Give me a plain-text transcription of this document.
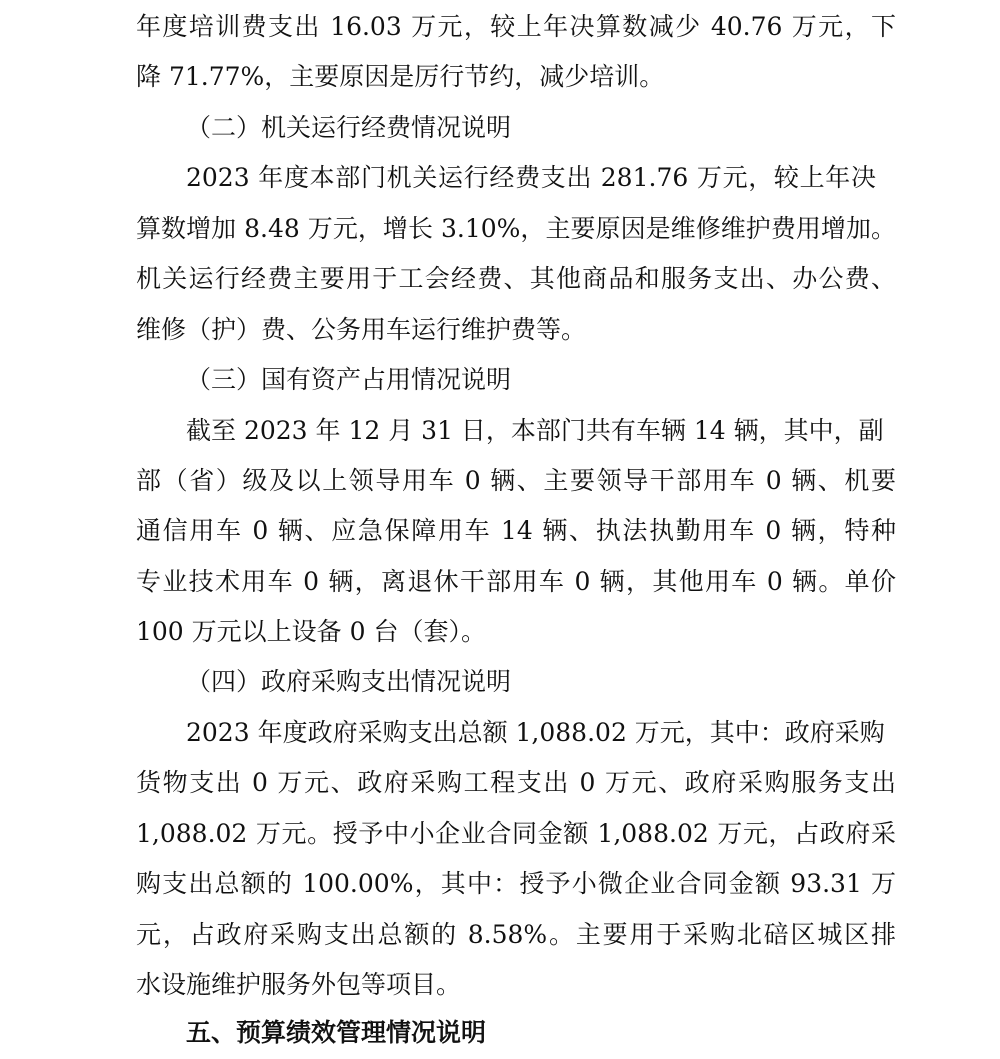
年度培训费支出 16.03 万元，较上年决算数减少 40.76 万元，下
降 71.77%，主要原因是厉行节约，减少培训。
（二）机关运行经费情况说明
2023 年度本部门机关运行经费支出 281.76 万元，较上年决
算数增加 8.48 万元，增长 3.10%，主要原因是维修维护费用增加。
机关运行经费主要用于工会经费、其他商品和服务支出、办公费、
维修（护）费、公务用车运行维护费等。
（三）国有资产占用情况说明
截至 2023 年 12 月 31 日，本部门共有车辆 14 辆，其中，副
部（省）级及以上领导用车 0 辆、主要领导干部用车 0 辆、机要
通信用车 0 辆、应急保障用车 14 辆、执法执勤用车 0 辆，特种
专业技术用车 0 辆，离退休干部用车 0 辆，其他用车 0 辆。单价
100 万元以上设备 0 台（套）。
（四）政府采购支出情况说明
2023 年度政府采购支出总额 1,088.02 万元，其中：政府采购
货物支出 0 万元、政府采购工程支出 0 万元、政府采购服务支出
1,088.02 万元。授予中小企业合同金额 1,088.02 万元，占政府采
购支出总额的 100.00%，其中：授予小微企业合同金额 93.31 万
元，占政府采购支出总额的 8.58%。主要用于采购北碚区城区排
水设施维护服务外包等项目。
五、预算绩效管理情况说明
